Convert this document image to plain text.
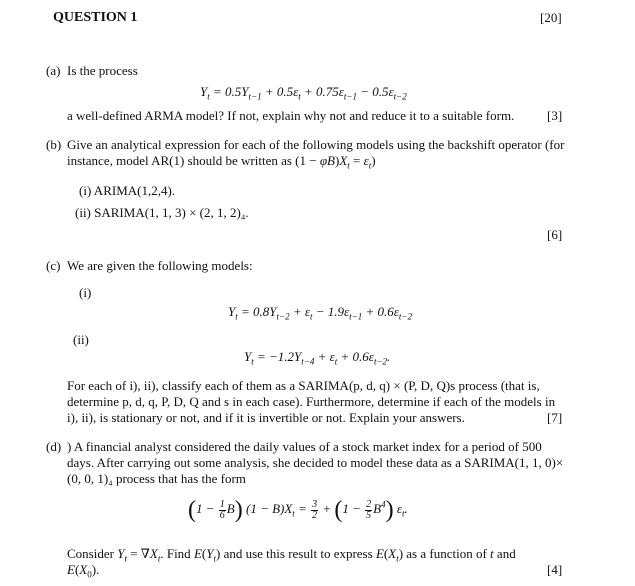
QUESTION 1	[20]
(a) Is the process
$Y_t = 0.5Y_{t-1} + 0.5\varepsilon_t + 0.75\varepsilon_{t-1} - 0.5\varepsilon_{t-2}$
a well-defined ARMA model? If not, explain why not and reduce it to a suitable form.	[3]
(b) Give an analytical expression for each of the following models using the backshift operator (for
instance, model AR(1) should be written as $(1 - \varphi B)X_t = \varepsilon_t$)
(i) ARIMA(1,2,4).
(ii) SARIMA(1, 1, 3) × (2, 1, 2)₄.
[6]
(c) We are given the following models:
(i)
$Y_t = 0.8Y_{t-2} + \varepsilon_t - 1.9\varepsilon_{t-1} + 0.6\varepsilon_{t-2}$
(ii)
$Y_t = -1.2Y_{t-4} + \varepsilon_t + 0.6\varepsilon_{t-2}$.
For each of i), ii), classify each of them as a SARIMA(p, d, q) × (P, D, Q)s process (that is,
determine p, d, q, P, D, Q and s in each case). Furthermore, determine if each of the models in
i), ii), is stationary or not, and if it is invertible or not. Explain your answers.	[7]
(d) ) A financial analyst considered the daily values of a stock market index for a period of 500
days. After carrying out some analysis, she decided to model these data as a SARIMA(1, 1, 0)×
(0, 0, 1)₄ process that has the form
$(1 - \frac{1}{6} B)$ $(1 - B)X_t = \frac{3}{2} + (1 - \frac{2}{5} B^4)$ $\varepsilon_t$.
Consider $Y_t = \nabla X_t$. Find $E(Y_t)$ and use this result to express $E(X_t)$ as a function of t and
$E(X_0)$.	[4]
